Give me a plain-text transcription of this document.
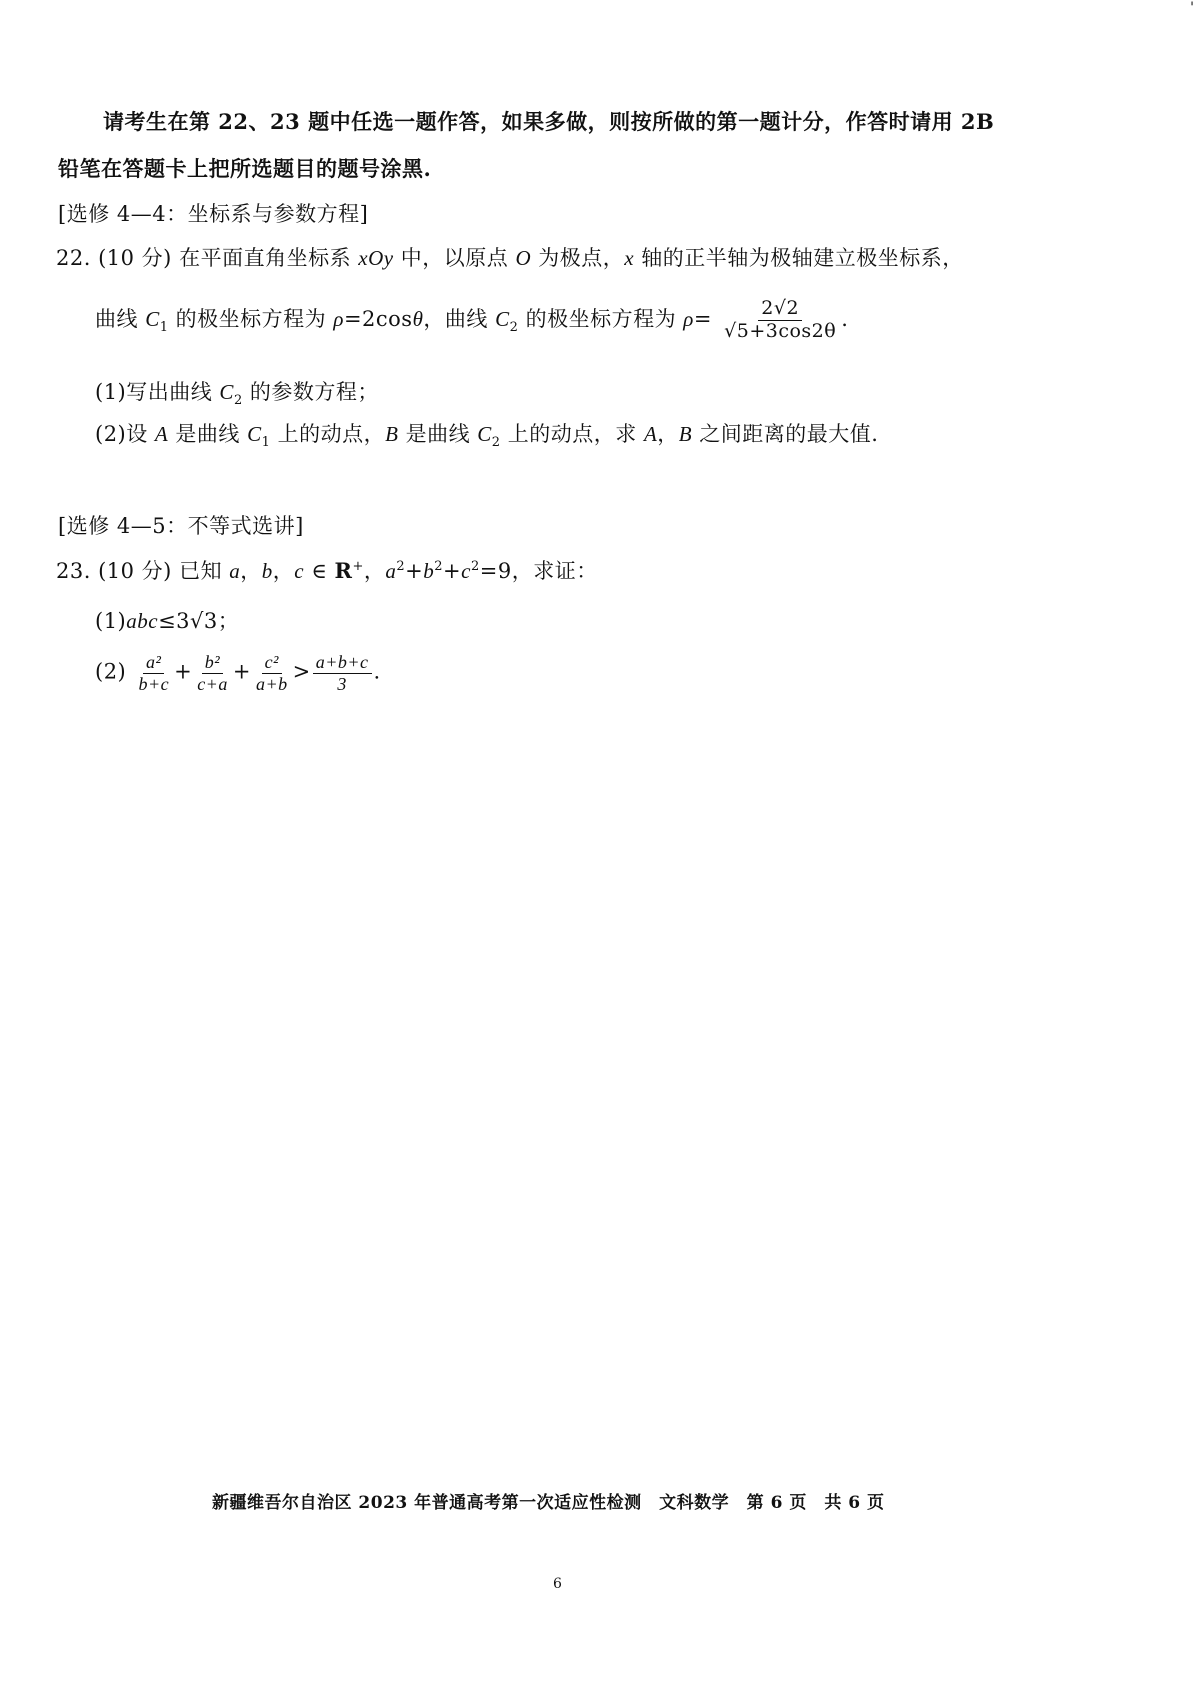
'
请考生在第 22、23 题中任选一题作答，如果多做，则按所做的第一题计分，作答时请用 2B
铅笔在答题卡上把所选题目的题号涂黑.
[选修 4—4：坐标系与参数方程]
22. (10 分) 在平面直角坐标系 xOy 中，以原点 O 为极点，x 轴的正半轴为极轴建立极坐标系，
曲线 $C_1$ 的极坐标方程为 ρ=2cosθ，曲线 $C_2$ 的极坐标方程为 $\rho= \frac{2√2}{√5+3\cos 2\theta}$ .
(1)写出曲线 $C_2$ 的参数方程；
(2)设 A 是曲线 $C_1$ 上的动点，B 是曲线 $C_2$ 上的动点，求 A，B 之间距离的最大值.
[选修 4—5：不等式选讲]
23. (10 分) 已知 a，b，c ∈ R+，$a^2+b^2+c^2=9$，求证：
(1)abc≤3√3；
$(2) \frac{\text{a²}}{b+c} + \frac{\text{b²}}{c+a} + \frac{\text{c²}}{a+b} > \frac{a+b+c}{3}$ .
新疆维吾尔自治区 2023 年普通高考第一次适应性检测　文科数学　第 6 页　共 6 页
6
